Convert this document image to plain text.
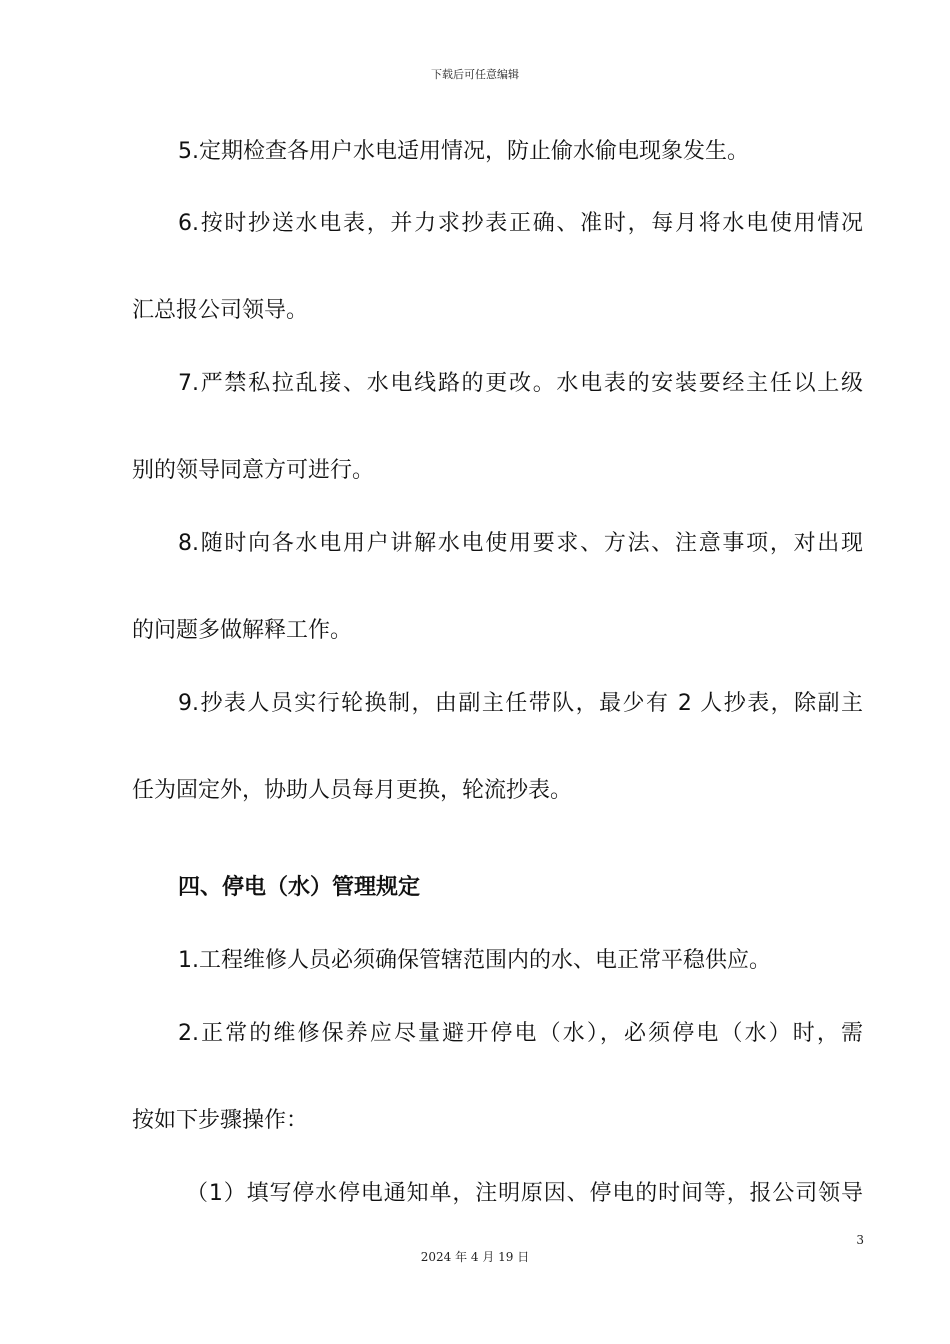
下载后可任意编辑
5.定期检查各用户水电适用情况，防止偷水偷电现象发生。
6.按时抄送水电表，并力求抄表正确、准时，每月将水电使用情况
汇总报公司领导。
7.严禁私拉乱接、水电线路的更改。水电表的安装要经主任以上级
别的领导同意方可进行。
8.随时向各水电用户讲解水电使用要求、方法、注意事项，对出现
的问题多做解释工作。
9.抄表人员实行轮换制，由副主任带队，最少有 2 人抄表，除副主
任为固定外，协助人员每月更换，轮流抄表。
四、停电（水）管理规定
1.工程维修人员必须确保管辖范围内的水、电正常平稳供应。
2.正常的维修保养应尽量避开停电（水），必须停电（水）时，需
按如下步骤操作：
（1）填写停水停电通知单，注明原因、停电的时间等，报公司领导
3
2024 年 4 月 19 日
